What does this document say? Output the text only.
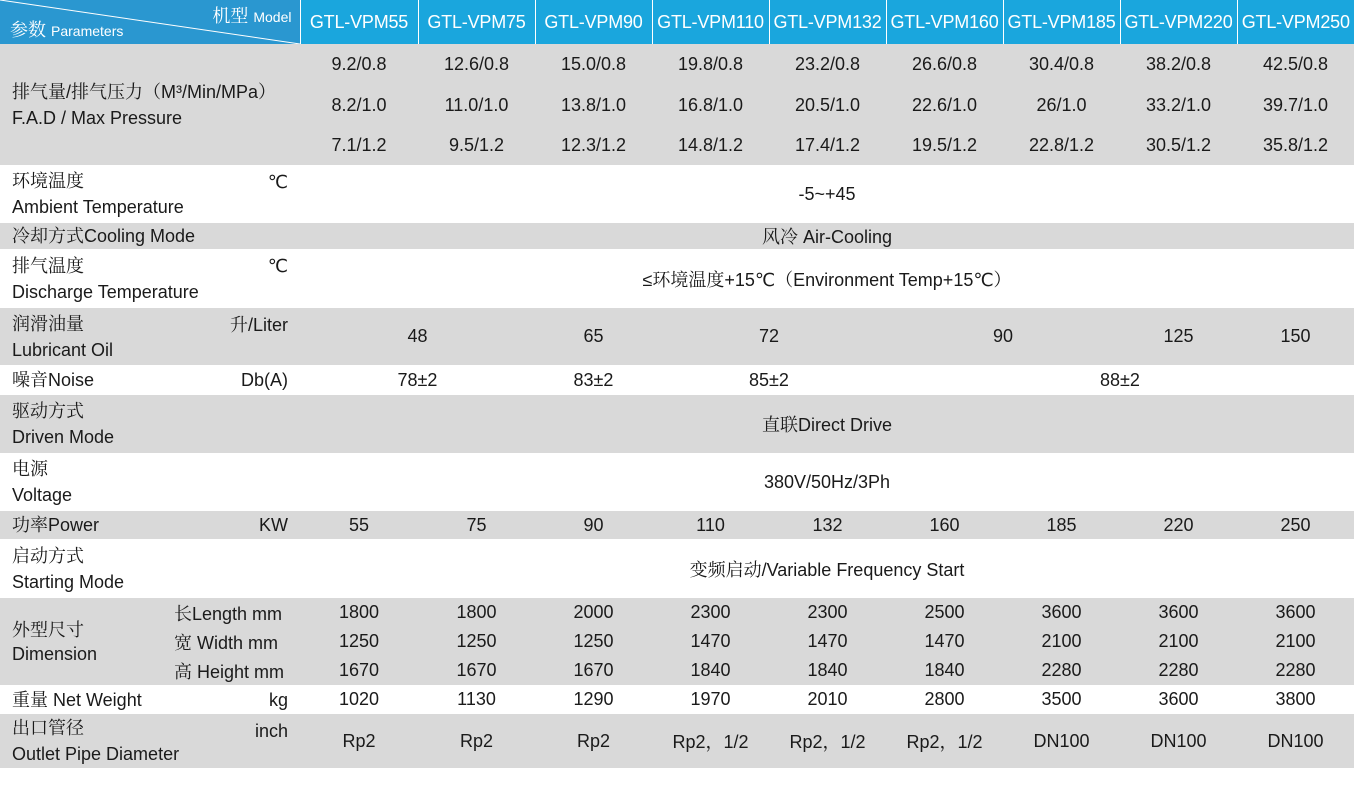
机型 Model
参数 Parameters		GTL-VPM55	GTL-VPM75	GTL-VPM90	GTL-VPM110	GTL-VPM132	GTL-VPM160	GTL-VPM185	GTL-VPM220	GTL-VPM250

排气量/排气压力（M³/Min/MPa）
F.A.D / Max Pressure		9.2/0.8	12.6/0.8	15.0/0.8	19.8/0.8	23.2/0.8	26.6/0.8	30.4/0.8	38.2/0.8	42.5/0.8
		8.2/1.0	11.0/1.0	13.8/1.0	16.8/1.0	20.5/1.0	22.6/1.0	26/1.0	33.2/1.0	39.7/1.0
		7.1/1.2	9.5/1.2	12.3/1.2	14.8/1.2	17.4/1.2	19.5/1.2	22.8/1.2	30.5/1.2	35.8/1.2

环境温度
Ambient Temperature
℃		-5~+45								
冷却方式Cooling Mode		风冷 Air-Cooling								

排气温度
Discharge Temperature
℃		≤环境温度+15℃（Environment Temp+15℃）								

润滑油量
Lubricant Oil
升/Liter		48		65	72		90		125	150
噪音Noise Db(A)		78±2		83±2	85±2		88±2			

驱动方式
Driven Mode		直联Direct Drive								

电源
Voltage		380V/50Hz/3Ph								
功率Power KW		55	75	90	110	132	160	185	220	250

启动方式
Starting Mode		变频启动/Variable Frequency Start								

外型尺寸
Dimension	长Length mm	1800	1800	2000	2300	2300	2500	3600	3600	3600
	宽 Width mm	1250	1250	1250	1470	1470	1470	2100	2100	2100
	高 Height mm	1670	1670	1670	1840	1840	1840	2280	2280	2280
重量 Net Weight kg		1020	1130	1290	1970	2010	2800	3500	3600	3800

出口管径
Outlet Pipe Diameter
inch		Rp2	Rp2	Rp2	Rp2，1/2	Rp2，1/2	Rp2，1/2	DN100	DN100	DN100
